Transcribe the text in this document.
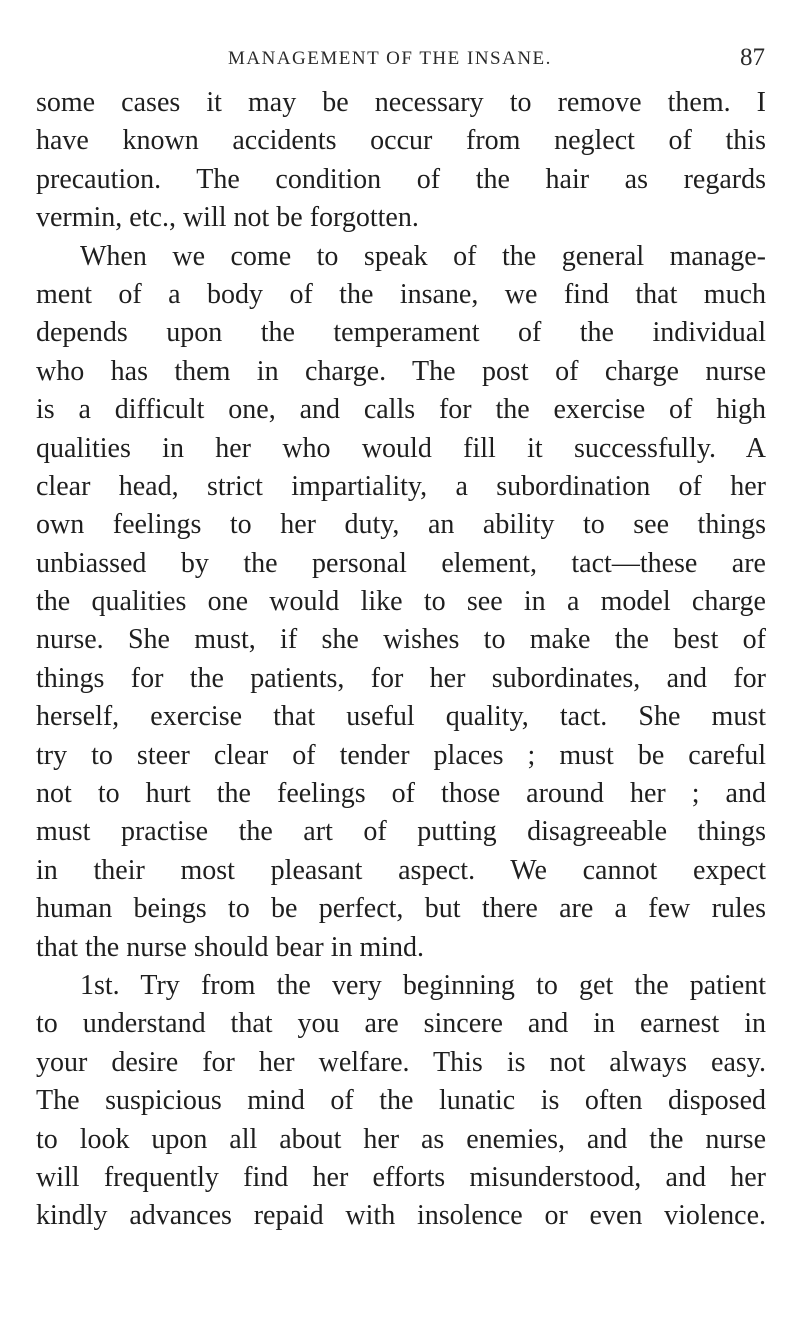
MANAGEMENT OF THE INSANE.	87
some cases it may be necessary to remove them. I
have known accidents occur from neglect of this
precaution. The condition of the hair as regards
vermin, etc., will not be forgotten.
When we come to speak of the general manage-
ment of a body of the insane, we find that much
depends upon the temperament of the individual
who has them in charge. The post of charge nurse
is a difficult one, and calls for the exercise of high
qualities in her who would fill it successfully. A
clear head, strict impartiality, a subordination of her
own feelings to her duty, an ability to see things
unbiassed by the personal element, tact—these are
the qualities one would like to see in a model charge
nurse. She must, if she wishes to make the best of
things for the patients, for her subordinates, and for
herself, exercise that useful quality, tact. She must
try to steer clear of tender places ; must be careful
not to hurt the feelings of those around her ; and
must practise the art of putting disagreeable things
in their most pleasant aspect. We cannot expect
human beings to be perfect, but there are a few rules
that the nurse should bear in mind.
1st. Try from the very beginning to get the patient
to understand that you are sincere and in earnest in
your desire for her welfare. This is not always easy.
The suspicious mind of the lunatic is often disposed
to look upon all about her as enemies, and the nurse
will frequently find her efforts misunderstood, and her
kindly advances repaid with insolence or even violence.
